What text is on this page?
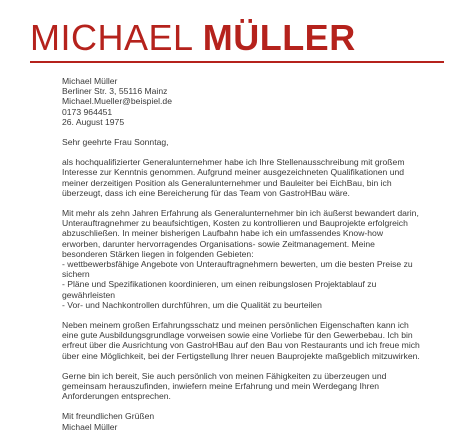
MICHAEL MÜLLER
Michael Müller
Berliner Str. 3, 55116 Mainz
Michael.Mueller@beispiel.de
0173 964451
26. August 1975
Sehr geehrte Frau Sonntag,
als hochqualifizierter Generalunternehmer habe ich Ihre Stellenausschreibung mit großem
Interesse zur Kenntnis genommen. Aufgrund meiner ausgezeichneten Qualifikationen und
meiner derzeitigen Position als Generalunternehmer und Bauleiter bei EichBau, bin ich
überzeugt, dass ich eine Bereicherung für das Team von GastroHBau wäre.
Mit mehr als zehn Jahren Erfahrung als Generalunternehmer bin ich äußerst bewandert darin,
Unterauftragnehmer zu beaufsichtigen, Kosten zu kontrollieren und Bauprojekte erfolgreich
abzuschließen. In meiner bisherigen Laufbahn habe ich ein umfassendes Know-how
erworben, darunter hervorragendes Organisations- sowie Zeitmanagement. Meine
besonderen Stärken liegen in folgenden Gebieten:
- wettbewerbsfähige Angebote von Unterauftragnehmern bewerten, um die besten Preise zu
sichern
- Pläne und Spezifikationen koordinieren, um einen reibungslosen Projektablauf zu
gewährleisten
- Vor- und Nachkontrollen durchführen, um die Qualität zu beurteilen
Neben meinem großen Erfahrungsschatz und meinen persönlichen Eigenschaften kann ich
eine gute Ausbildungsgrundlage vorweisen sowie eine Vorliebe für den Gewerbebau. Ich bin
erfreut über die Ausrichtung von GastroHBau auf den Bau von Restaurants und ich freue mich
über eine Möglichkeit, bei der Fertigstellung Ihrer neuen Bauprojekte maßgeblich mitzuwirken.
Gerne bin ich bereit, Sie auch persönlich von meinen Fähigkeiten zu überzeugen und
gemeinsam herauszufinden, inwiefern meine Erfahrung und mein Werdegang Ihren
Anforderungen entsprechen.
Mit freundlichen Grüßen
Michael Müller
